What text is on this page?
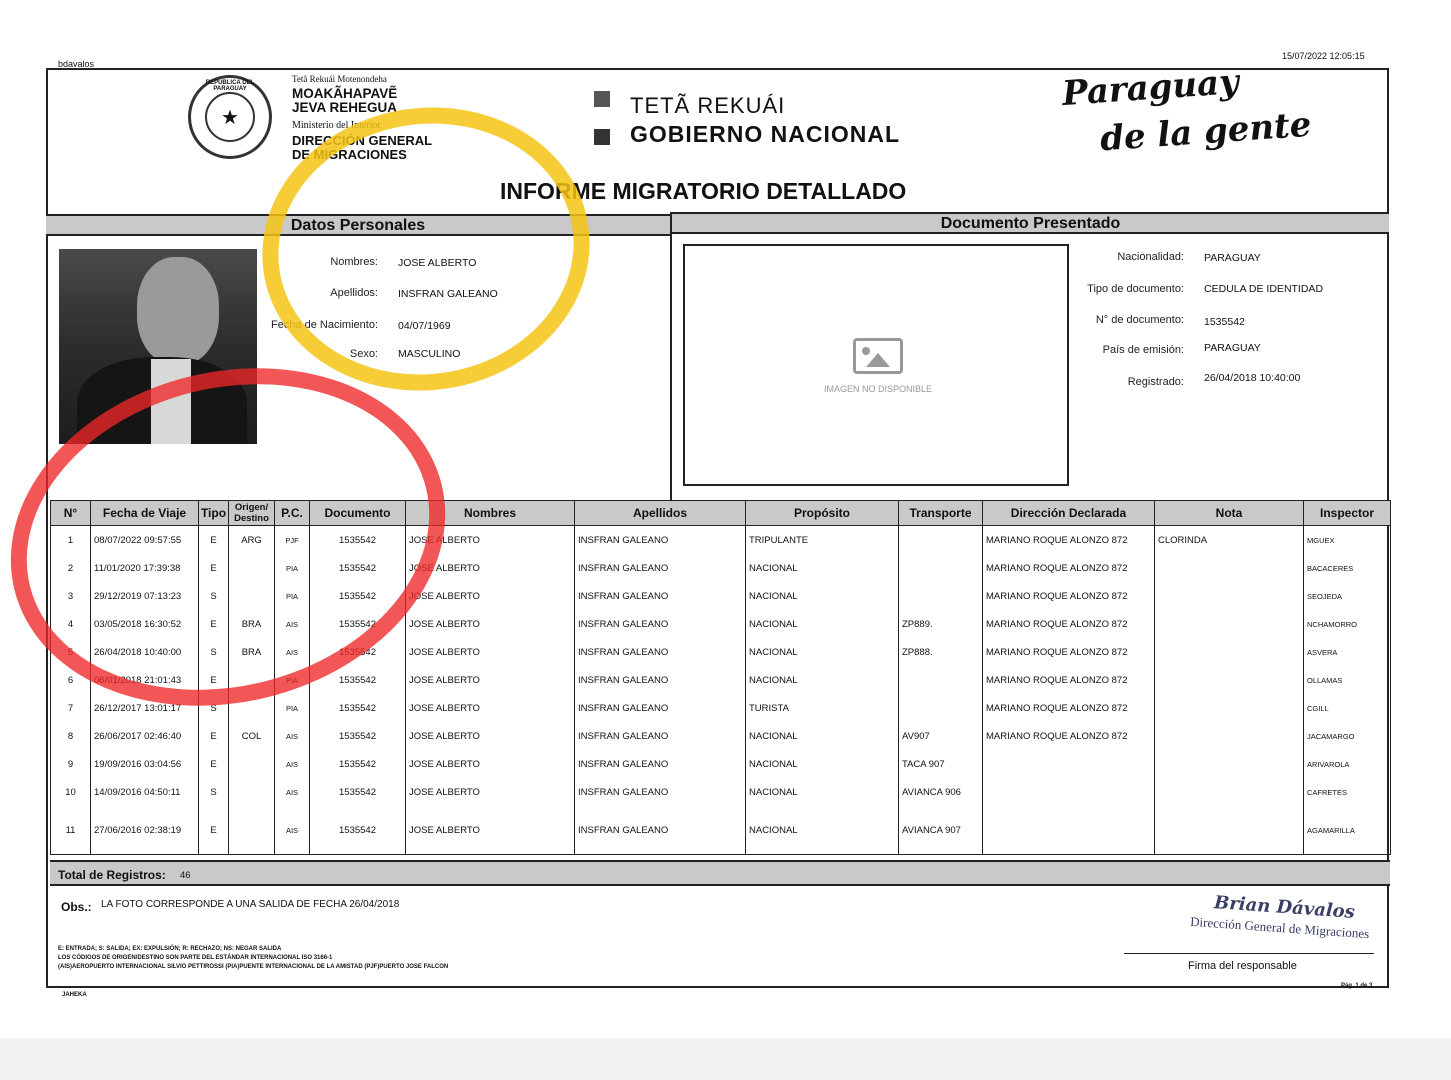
bdavalos
15/07/2022 12:05:15
REPUBLICA DEL PARAGUAY
★
Tetã Rekuái Motenondeha
MOAKÃHAPAVẼ
JEVA REHEGUA
Ministerio del Interior
DIRECCIÓN GENERAL
DE MIGRACIONES
TETÃ REKUÁI
GOBIERNO NACIONAL
Paraguay
de la gente
INFORME MIGRATORIO DETALLADO
Datos Personales	Documento Presentado
Nombres: JOSE ALBERTO
Apellidos: INSFRAN GALEANO
Fecha de Nacimiento: 04/07/1969
Sexo: MASCULINO
IMAGEN NO DISPONIBLE
Nacionalidad: PARAGUAY
Tipo de documento: CEDULA DE IDENTIDAD
N° de documento: 1535542
País de emisión: PARAGUAY
Registrado: 26/04/2018 10:40:00
N°	Fecha de Viaje	Tipo	Origen/ Destino	P.C.	Documento	Nombres	Apellidos	Propósito	Transporte	Dirección Declarada	Nota	Inspector
1	08/07/2022 09:57:55	E	ARG	PJF	1535542	JOSE ALBERTO	INSFRAN GALEANO	TRIPULANTE		MARIANO ROQUE ALONZO 872	CLORINDA	MGUEX
2	11/01/2020 17:39:38	E		PIA	1535542	JOSE ALBERTO	INSFRAN GALEANO	NACIONAL		MARIANO ROQUE ALONZO 872		BACACERES
3	29/12/2019 07:13:23	S		PIA	1535542	JOSE ALBERTO	INSFRAN GALEANO	NACIONAL		MARIANO ROQUE ALONZO 872		SEOJEDA
4	03/05/2018 16:30:52	E	BRA	AIS	1535542	JOSE ALBERTO	INSFRAN GALEANO	NACIONAL	ZP889.	MARIANO ROQUE ALONZO 872		NCHAMORRO
5	26/04/2018 10:40:00	S	BRA	AIS	1535542	JOSE ALBERTO	INSFRAN GALEANO	NACIONAL	ZP888.	MARIANO ROQUE ALONZO 872		ASVERA
6	06/01/2018 21:01:43	E		PIA	1535542	JOSE ALBERTO	INSFRAN GALEANO	NACIONAL		MARIANO ROQUE ALONZO 872		OLLAMAS
7	26/12/2017 13:01:17	S		PIA	1535542	JOSE ALBERTO	INSFRAN GALEANO	TURISTA		MARIANO ROQUE ALONZO 872		CGILL
8	26/06/2017 02:46:40	E	COL	AIS	1535542	JOSE ALBERTO	INSFRAN GALEANO	NACIONAL	AV907	MARIANO ROQUE ALONZO 872		JACAMARGO
9	19/09/2016 03:04:56	E		AIS	1535542	JOSE ALBERTO	INSFRAN GALEANO	NACIONAL	TACA 907			ARIVAROLA
10	14/09/2016 04:50:11	S		AIS	1535542	JOSE ALBERTO	INSFRAN GALEANO	NACIONAL	AVIANCA 906			CAFRETES
11	27/06/2016 02:38:19	E		AIS	1535542	JOSE ALBERTO	INSFRAN GALEANO	NACIONAL	AVIANCA 907			AGAMARILLA
Total de Registros: 46
Obs.: LA FOTO CORRESPONDE A UNA SALIDA DE FECHA 26/04/2018
E: ENTRADA; S: SALIDA; EX: EXPULSIÓN; R: RECHAZO; NS: NEGAR SALIDA
LOS CÓDIGOS DE ORIGEN/DESTINO SON PARTE DEL ESTÁNDAR INTERNACIONAL ISO 3166-1
(AIS)AEROPUERTO INTERNACIONAL SILVIO PETTIROSSI (PIA)PUENTE INTERNACIONAL DE LA AMISTAD (PJF)PUERTO JOSE FALCON
Brian Dávalos
Dirección General de Migraciones
Firma del responsable
JAHEKA
Pág. 1 de 3
